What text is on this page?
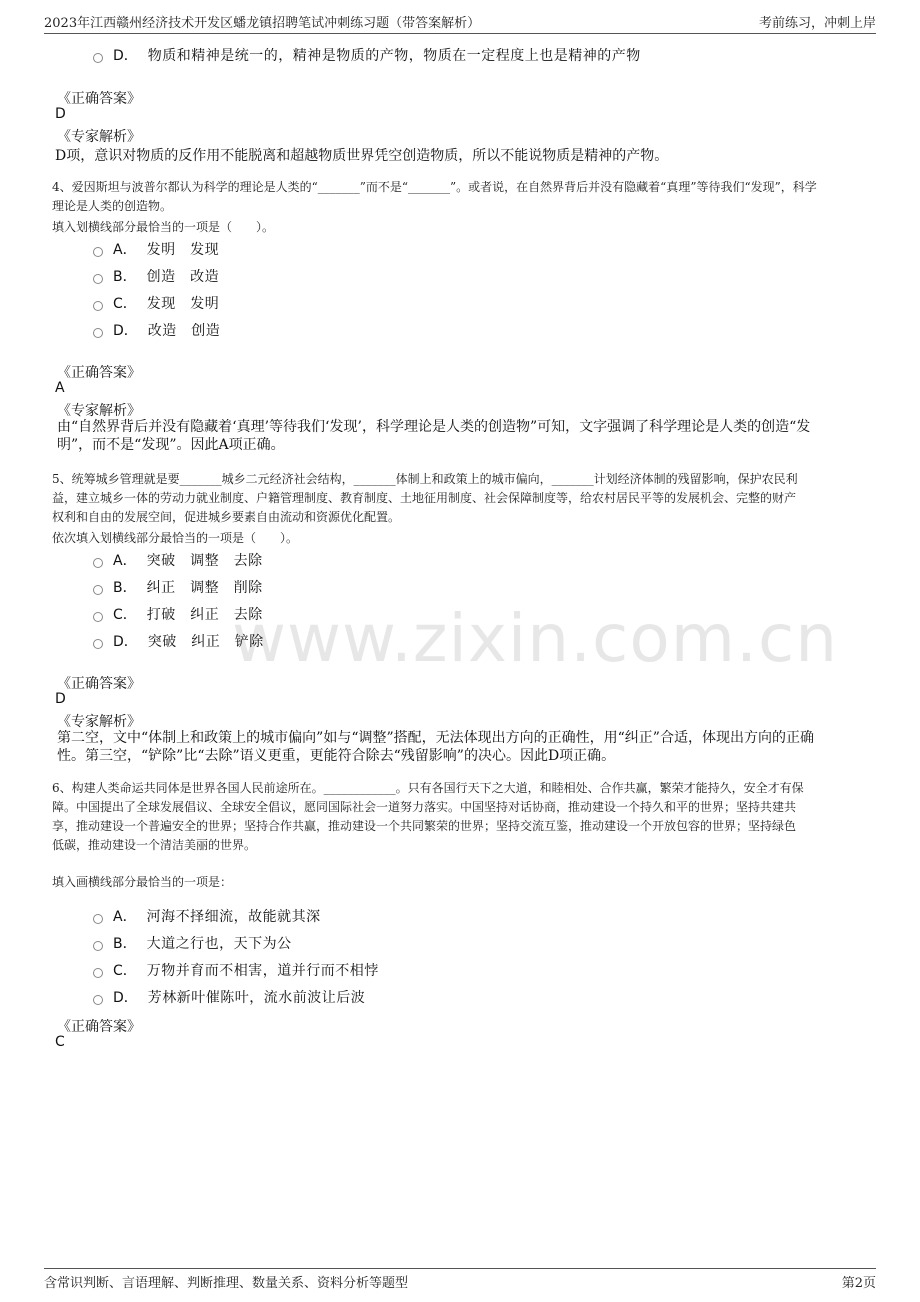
2023年江西赣州经济技术开发区蟠龙镇招聘笔试冲刺练习题（带答案解析）	考前练习，冲刺上岸
www.zixin.com.cn
D． 物质和精神是统一的，精神是物质的产物，物质在一定程度上也是精神的产物
《正确答案》
D
《专家解析》
D项，意识对物质的反作用不能脱离和超越物质世界凭空创造物质，所以不能说物质是精神的产物。
4、爱因斯坦与波普尔都认为科学的理论是人类的“_______”而不是“_______”。或者说，在自然界背后并没有隐藏着“真理”等待我们“发现”，科学
理论是人类的创造物。
填入划横线部分最恰当的一项是（　　）。
A． 发明　发现
B． 创造　改造
C． 发现　发明
D． 改造　创造
《正确答案》
A
《专家解析》
由“自然界背后并没有隐藏着‘真理’等待我们‘发现’，科学理论是人类的创造物”可知，文字强调了科学理论是人类的创造“发
明”，而不是“发现”。因此A项正确。
5、统筹城乡管理就是要_______城乡二元经济社会结构，_______体制上和政策上的城市偏向，_______计划经济体制的残留影响，保护农民利
益，建立城乡一体的劳动力就业制度、户籍管理制度、教育制度、土地征用制度、社会保障制度等，给农村居民平等的发展机会、完整的财产
权利和自由的发展空间，促进城乡要素自由流动和资源优化配置。
依次填入划横线部分最恰当的一项是（　　）。
A． 突破　调整　去除
B． 纠正　调整　削除
C． 打破　纠正　去除
D． 突破　纠正　铲除
《正确答案》
D
《专家解析》
第二空，文中“体制上和政策上的城市偏向”如与“调整”搭配，无法体现出方向的正确性，用“纠正”合适，体现出方向的正确
性。第三空，“铲除”比“去除”语义更重，更能符合除去“残留影响”的决心。因此D项正确。
6、构建人类命运共同体是世界各国人民前途所在。____________。只有各国行天下之大道，和睦相处、合作共赢，繁荣才能持久，安全才有保
障。中国提出了全球发展倡议、全球安全倡议，愿同国际社会一道努力落实。中国坚持对话协商，推动建设一个持久和平的世界；坚持共建共
享，推动建设一个普遍安全的世界；坚持合作共赢，推动建设一个共同繁荣的世界；坚持交流互鉴，推动建设一个开放包容的世界；坚持绿色
低碳，推动建设一个清洁美丽的世界。
填入画横线部分最恰当的一项是：
A． 河海不择细流，故能就其深
B． 大道之行也，天下为公
C． 万物并育而不相害，道并行而不相悖
D． 芳林新叶催陈叶，流水前波让后波
《正确答案》
C
含常识判断、言语理解、判断推理、数量关系、资料分析等题型	第2页
